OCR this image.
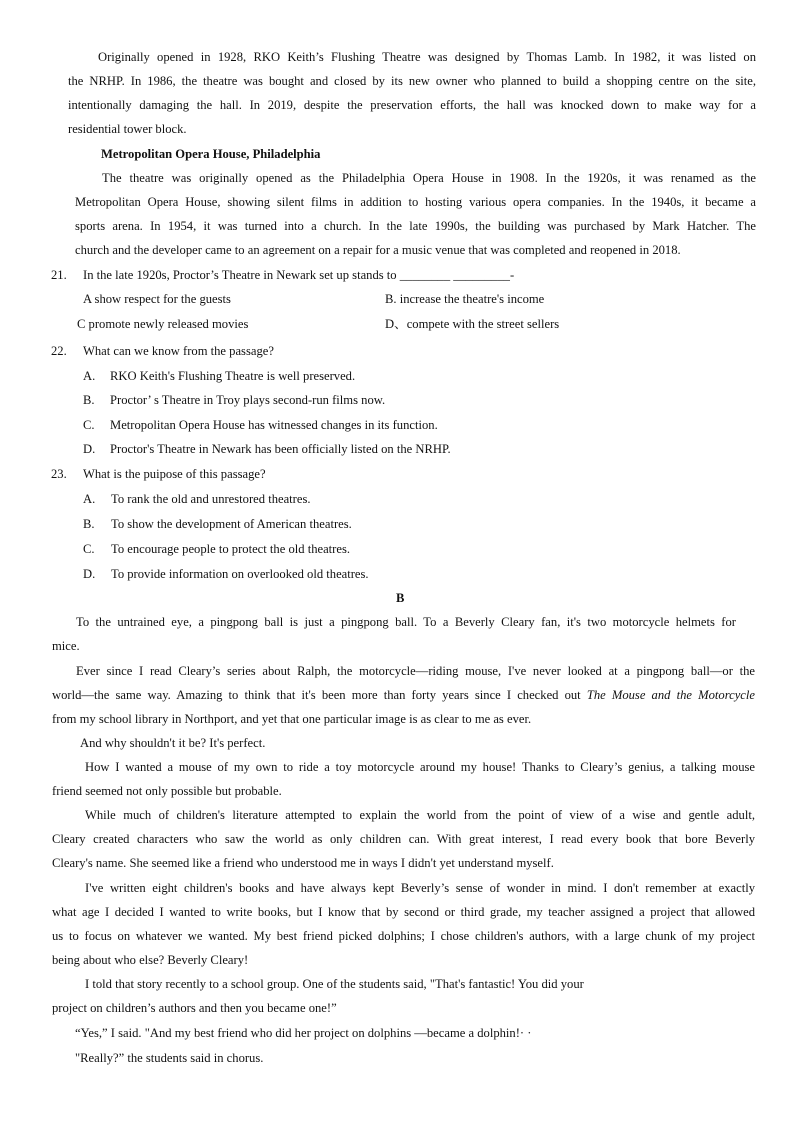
Originally opened in 1928, RKO Keith’s Flushing Theatre was designed by Thomas Lamb. In 1982, it was listed on
the NRHP. In 1986, the theatre was bought and closed by its new owner who planned to build a shopping centre on the site,
intentionally damaging the hall. In 2019, despite the preservation efforts, the hall was knocked down to make way for a
residential tower block.
Metropolitan Opera House, Philadelphia
The theatre was originally opened as the Philadelphia Opera House in 1908. In the 1920s, it was renamed as the
Metropolitan Opera House, showing silent films in addition to hosting various opera companies. In the 1940s, it became a
sports arena. In 1954, it was turned into a church. In the late 1990s, the building was purchased by Mark Hatcher. The
church and the developer came to an agreement on a repair for a music venue that was completed and reopened in 2018.
21. In the late 1920s, Proctor’s Theatre in Newark set up stands to ________ _________-
A show respect for the guests	B. increase the theatre's income
C promote newly released movies	D、compete with the street sellers
22. What can we know from the passage?
A. RKO Keith's Flushing Theatre is well preserved.
B. Proctor’ s Theatre in Troy plays second-run films now.
C. Metropolitan Opera House has witnessed changes in its function.
D. Proctor's Theatre in Newark has been officially listed on the NRHP.
23. What is the puipose of this passage?
A. To rank the old and unrestored theatres.
B. To show the development of American theatres.
C. To encourage people to protect the old theatres.
D. To provide information on overlooked old theatres.
B
To the untrained eye, a pingpong ball is just a pingpong ball. To a Beverly Cleary fan, it's two motorcycle helmets for
mice.
Ever since I read Cleary’s series about Ralph, the motorcycle—riding mouse, I've never looked at a pingpong ball—or the
world—the same way. Amazing to think that it's been more than forty years since I checked out The Mouse and the Motorcycle
from my school library in Northport, and yet that one particular image is as clear to me as ever.
And why shouldn't it be? It's perfect.
How I wanted a mouse of my own to ride a toy motorcycle around my house! Thanks to Cleary’s genius, a talking mouse
friend seemed not only possible but probable.
While much of children's literature attempted to explain the world from the point of view of a wise and gentle adult,
Cleary created characters who saw the world as only children can. With great interest, I read every book that bore Beverly
Cleary's name. She seemed like a friend who understood me in ways I didn't yet understand myself.
I've written eight children's books and have always kept Beverly’s sense of wonder in mind. I don't remember at exactly
what age I decided I wanted to write books, but I know that by second or third grade, my teacher assigned a project that allowed
us to focus on whatever we wanted. My best friend picked dolphins; I chose children's authors, with a large chunk of my project
being about who else? Beverly Cleary!
I told that story recently to a school group. One of the students said, "That's fantastic! You did your
project on children’s authors and then you became one!”
“Yes,” I said. "And my best friend who did her project on dolphins —became a dolphin!· ·
"Really?” the students said in chorus.
